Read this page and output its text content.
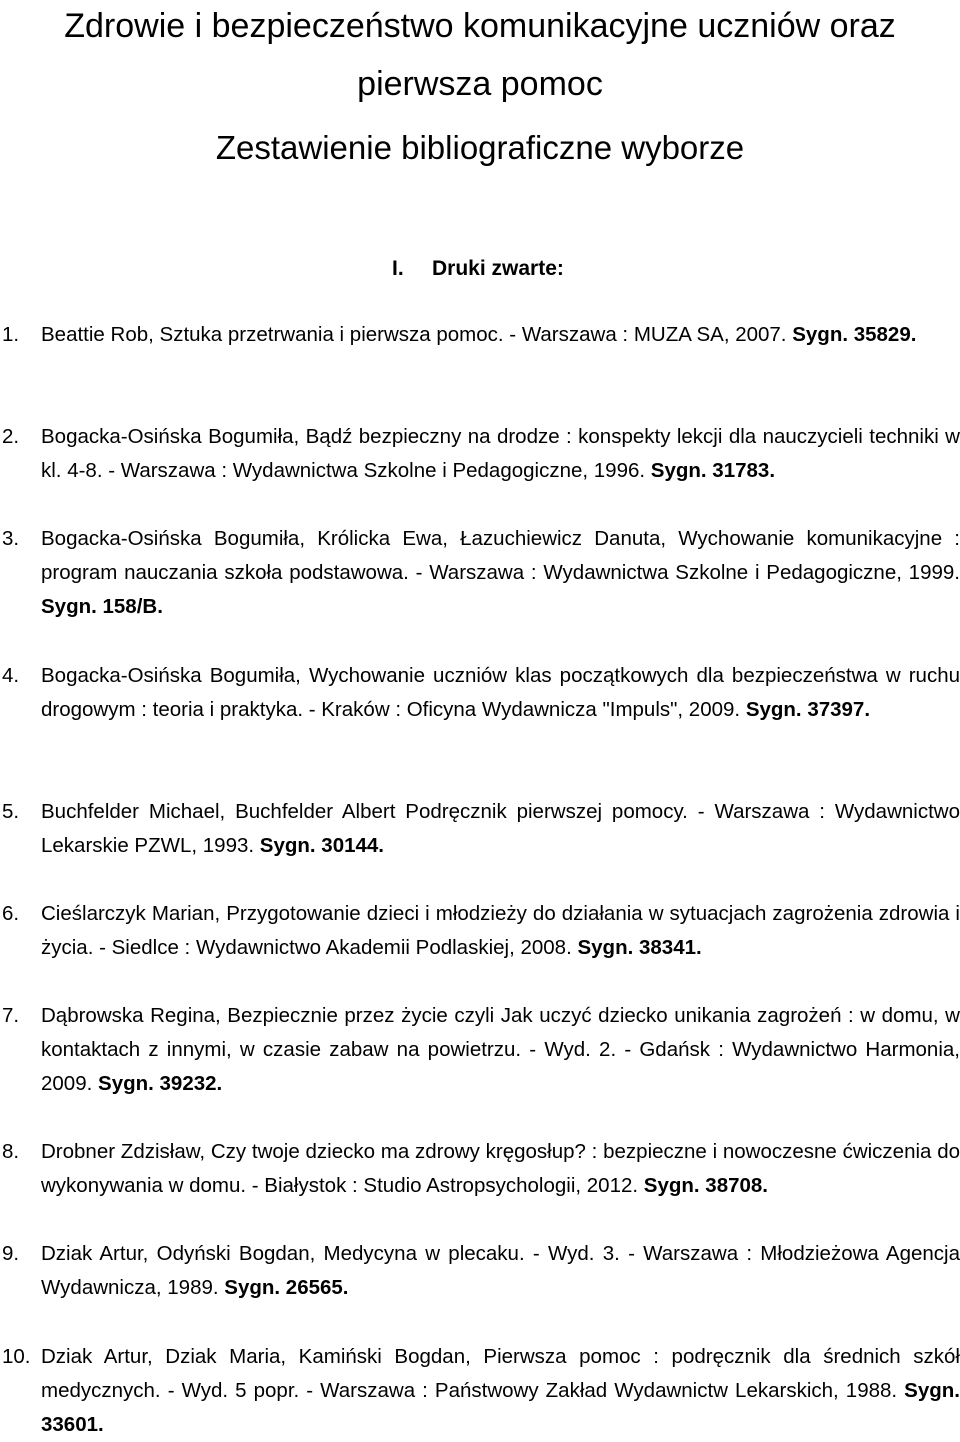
Zdrowie i bezpieczeństwo komunikacyjne uczniów oraz
pierwsza pomoc
Zestawienie bibliograficzne wyborze
I. Druki zwarte:
1. Beattie Rob, Sztuka przetrwania i pierwsza pomoc. - Warszawa : MUZA SA, 2007. Sygn. 35829.
2. Bogacka-Osińska Bogumiła, Bądź bezpieczny na drodze : konspekty lekcji dla nauczycieli techniki w kl. 4-8. - Warszawa : Wydawnictwa Szkolne i Pedagogiczne, 1996. Sygn. 31783.
3. Bogacka-Osińska Bogumiła, Królicka Ewa, Łazuchiewicz Danuta, Wychowanie komunikacyjne : program nauczania szkoła podstawowa. - Warszawa : Wydawnictwa Szkolne i Pedagogiczne, 1999. Sygn. 158/B.
4. Bogacka-Osińska Bogumiła, Wychowanie uczniów klas początkowych dla bezpieczeństwa w ruchu drogowym : teoria i praktyka. - Kraków : Oficyna Wydawnicza "Impuls", 2009. Sygn. 37397.
5. Buchfelder Michael, Buchfelder Albert Podręcznik pierwszej pomocy. - Warszawa : Wydawnictwo Lekarskie PZWL, 1993. Sygn. 30144.
6. Cieślarczyk Marian, Przygotowanie dzieci i młodzieży do działania w sytuacjach zagrożenia zdrowia i życia. - Siedlce : Wydawnictwo Akademii Podlaskiej, 2008. Sygn. 38341.
7. Dąbrowska Regina, Bezpiecznie przez życie czyli Jak uczyć dziecko unikania zagrożeń : w domu, w kontaktach z innymi, w czasie zabaw na powietrzu. - Wyd. 2. - Gdańsk : Wydawnictwo Harmonia, 2009. Sygn. 39232.
8. Drobner Zdzisław, Czy twoje dziecko ma zdrowy kręgosłup? : bezpieczne i nowoczesne ćwiczenia do wykonywania w domu. - Białystok : Studio Astropsychologii, 2012. Sygn. 38708.
9. Dziak Artur, Odyński Bogdan, Medycyna w plecaku. - Wyd. 3. - Warszawa : Młodzieżowa Agencja Wydawnicza, 1989. Sygn. 26565.
10. Dziak Artur, Dziak Maria, Kamiński Bogdan, Pierwsza pomoc : podręcznik dla średnich szkół medycznych. - Wyd. 5 popr. - Warszawa : Państwowy Zakład Wydawnictw Lekarskich, 1988. Sygn. 33601.
